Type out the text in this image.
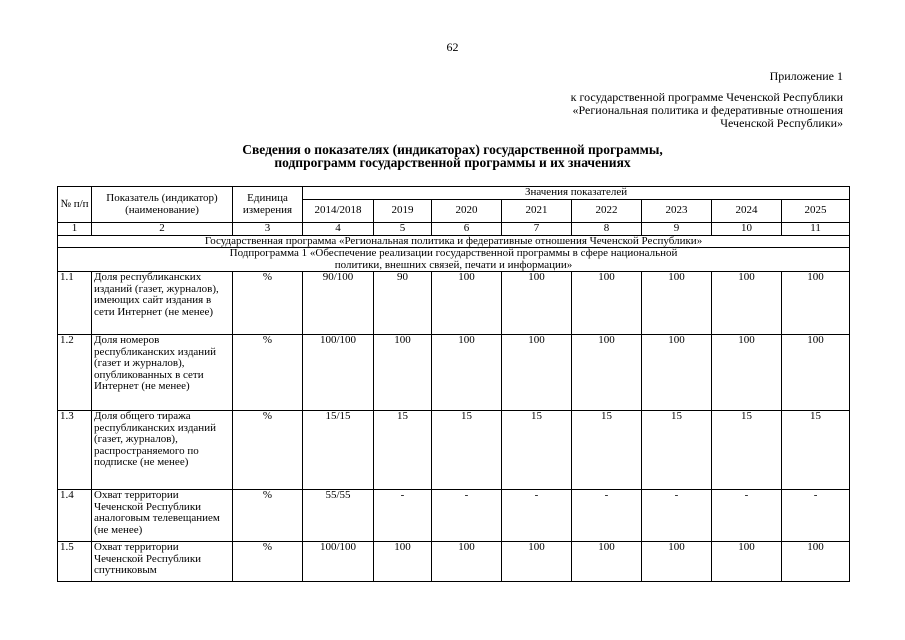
62
Приложение 1
к государственной программе Чеченской Республики
«Региональная политика и федеративные отношения
Чеченской Республики»
Сведения о показателях (индикаторах) государственной программы,
подпрограмм государственной программы и их значениях
№ п/п	Показатель (индикатор) (наименование)	Единица измерения	Значения показателей							
			2014/2018	2019	2020	2021	2022	2023	2024	2025
1	2	3	4	5	6	7	8	9	10	11
Государственная программа «Региональная политика и федеративные отношения Чеченской Республики»										
Подпрограмма 1 «Обеспечение реализации государственной программы в сфере национальной политики, внешних связей, печати и информации»										
1.1	Доля республиканских изданий (газет, журналов), имеющих сайт издания в сети Интернет (не менее)	%	90/100	90	100	100	100	100	100	100
1.2	Доля номеров республиканских изданий (газет и журналов), опубликованных в сети Интернет (не менее)	%	100/100	100	100	100	100	100	100	100
1.3	Доля общего тиража республиканских изданий (газет, журналов), распространяемого по подписке (не менее)	%	15/15	15	15	15	15	15	15	15
1.4	Охват территории Чеченской Республики аналоговым телевещанием (не менее)	%	55/55	-	-	-	-	-	-	-
1.5	Охват территории Чеченской Республики спутниковым	%	100/100	100	100	100	100	100	100	100
